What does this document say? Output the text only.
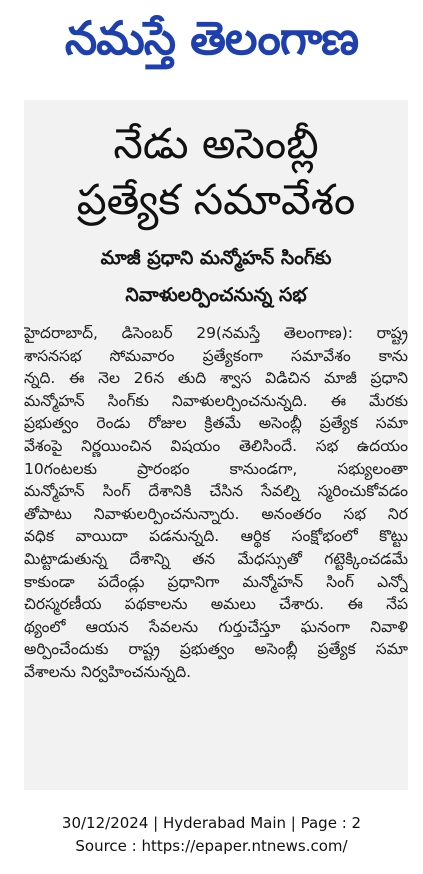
నమస్తే తెలంగాణ
నేడు అసెంబ్లీ
ప్రత్యేక సమావేశం
మాజీ ప్రధాని మన్మోహన్ సింగ్‌కు
నివాళులర్పించనున్న సభ
హైదరాబాద్, డిసెంబర్ 29(నమస్తే తెలంగాణ): రాష్ట్ర
శాసనసభ సోమవారం ప్రత్యేకంగా సమావేశం కాను
న్నది. ఈ నెల 26న తుది శ్వాస విడిచిన మాజీ ప్రధాని
మన్మోహన్ సింగ్‌కు నివాళులర్పించనున్నది. ఈ మేరకు
ప్రభుత్వం రెండు రోజుల క్రితమే అసెంబ్లీ ప్రత్యేక సమా
వేశంపై నిర్ణయించిన విషయం తెలిసిందే. సభ ఉదయం
10గంటలకు ప్రారంభం కానుండగా, సభ్యులంతా
మన్మోహన్ సింగ్ దేశానికి చేసిన సేవల్ని స్మరించుకోవడం
తోపాటు నివాళులర్పించనున్నారు. అనంతరం సభ నిర
వధిక వాయిదా పడనున్నది. ఆర్థిక సంక్షోభంలో కొట్టు
మిట్టాడుతున్న దేశాన్ని తన మేధస్సుతో గట్టెక్కించడమే
కాకుండా పదేండ్లు ప్రధానిగా మన్మోహన్ సింగ్ ఎన్నో
చిరస్మరణీయ పథకాలను అమలు చేశారు. ఈ నేప
థ్యంలో ఆయన సేవలను గుర్తుచేస్తూ ఘనంగా నివాళి
అర్పించేందుకు రాష్ట్ర ప్రభుత్వం అసెంబ్లీ ప్రత్యేక సమా
వేశాలను నిర్వహించనున్నది.
30/12/2024 | Hyderabad Main | Page : 2
Source : https://epaper.ntnews.com/
